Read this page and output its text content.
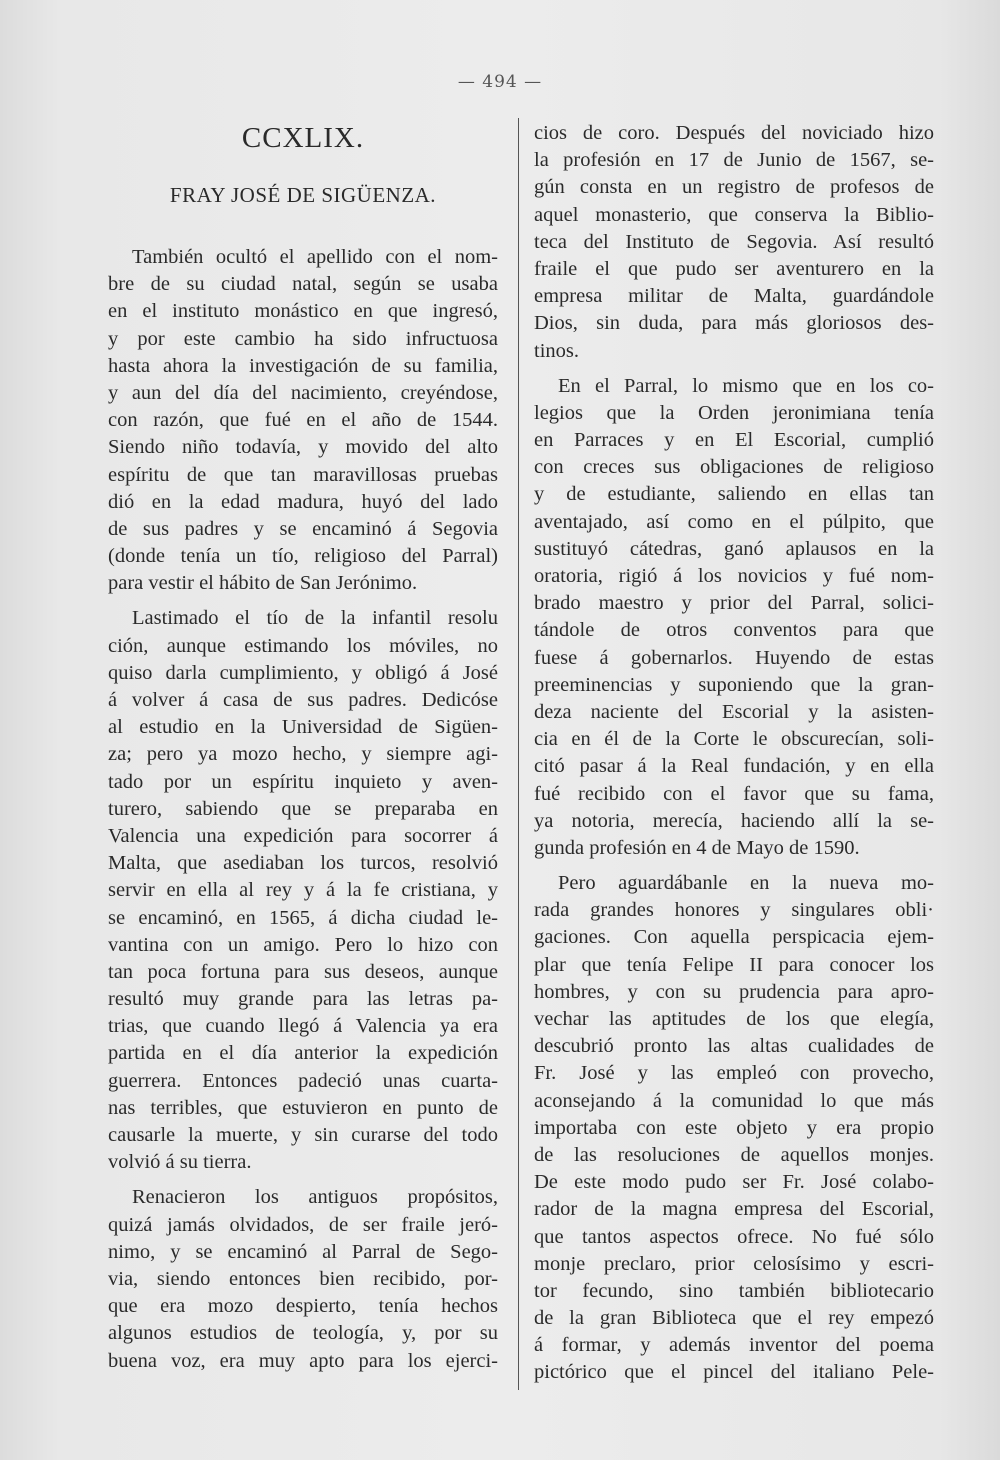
— 494 —
CCXLIX.
FRAY JOSÉ DE SIGÜENZA.
También ocultó el apellido con el nom-
bre de su ciudad natal, según se usaba
en el instituto monástico en que ingresó,
y por este cambio ha sido infructuosa
hasta ahora la investigación de su familia,
y aun del día del nacimiento, creyéndose,
con razón, que fué en el año de 1544.
Siendo niño todavía, y movido del alto
espíritu de que tan maravillosas pruebas
dió en la edad madura, huyó del lado
de sus padres y se encaminó á Segovia
(donde tenía un tío, religioso del Parral)
para vestir el hábito de San Jerónimo.
Lastimado el tío de la infantil resolu
ción, aunque estimando los móviles, no
quiso darla cumplimiento, y obligó á José
á volver á casa de sus padres. Dedicóse
al estudio en la Universidad de Sigüen-
za; pero ya mozo hecho, y siempre agi-
tado por un espíritu inquieto y aven-
turero, sabiendo que se preparaba en
Valencia una expedición para socorrer á
Malta, que asediaban los turcos, resolvió
servir en ella al rey y á la fe cristiana, y
se encaminó, en 1565, á dicha ciudad le-
vantina con un amigo. Pero lo hizo con
tan poca fortuna para sus deseos, aunque
resultó muy grande para las letras pa-
trias, que cuando llegó á Valencia ya era
partida en el día anterior la expedición
guerrera. Entonces padeció unas cuarta-
nas terribles, que estuvieron en punto de
causarle la muerte, y sin curarse del todo
volvió á su tierra.
Renacieron los antiguos propósitos,
quizá jamás olvidados, de ser fraile jeró-
nimo, y se encaminó al Parral de Sego-
via, siendo entonces bien recibido, por-
que era mozo despierto, tenía hechos
algunos estudios de teología, y, por su
buena voz, era muy apto para los ejerci-
cios de coro. Después del noviciado hizo
la profesión en 17 de Junio de 1567, se-
gún consta en un registro de profesos de
aquel monasterio, que conserva la Biblio-
teca del Instituto de Segovia. Así resultó
fraile el que pudo ser aventurero en la
empresa militar de Malta, guardándole
Dios, sin duda, para más gloriosos des-
tinos.
En el Parral, lo mismo que en los co-
legios que la Orden jeronimiana tenía
en Parraces y en El Escorial, cumplió
con creces sus obligaciones de religioso
y de estudiante, saliendo en ellas tan
aventajado, así como en el púlpito, que
sustituyó cátedras, ganó aplausos en la
oratoria, rigió á los novicios y fué nom-
brado maestro y prior del Parral, solici-
tándole de otros conventos para que
fuese á gobernarlos. Huyendo de estas
preeminencias y suponiendo que la gran-
deza naciente del Escorial y la asisten-
cia en él de la Corte le obscurecían, soli-
citó pasar á la Real fundación, y en ella
fué recibido con el favor que su fama,
ya notoria, merecía, haciendo allí la se-
gunda profesión en 4 de Mayo de 1590.
Pero aguardábanle en la nueva mo-
rada grandes honores y singulares obli·
gaciones. Con aquella perspicacia ejem-
plar que tenía Felipe II para conocer los
hombres, y con su prudencia para apro-
vechar las aptitudes de los que elegía,
descubrió pronto las altas cualidades de
Fr. José y las empleó con provecho,
aconsejando á la comunidad lo que más
importaba con este objeto y era propio
de las resoluciones de aquellos monjes.
De este modo pudo ser Fr. José colabo-
rador de la magna empresa del Escorial,
que tantos aspectos ofrece. No fué sólo
monje preclaro, prior celosísimo y escri-
tor fecundo, sino también bibliotecario
de la gran Biblioteca que el rey empezó
á formar, y además inventor del poema
pictórico que el pincel del italiano Pele-
